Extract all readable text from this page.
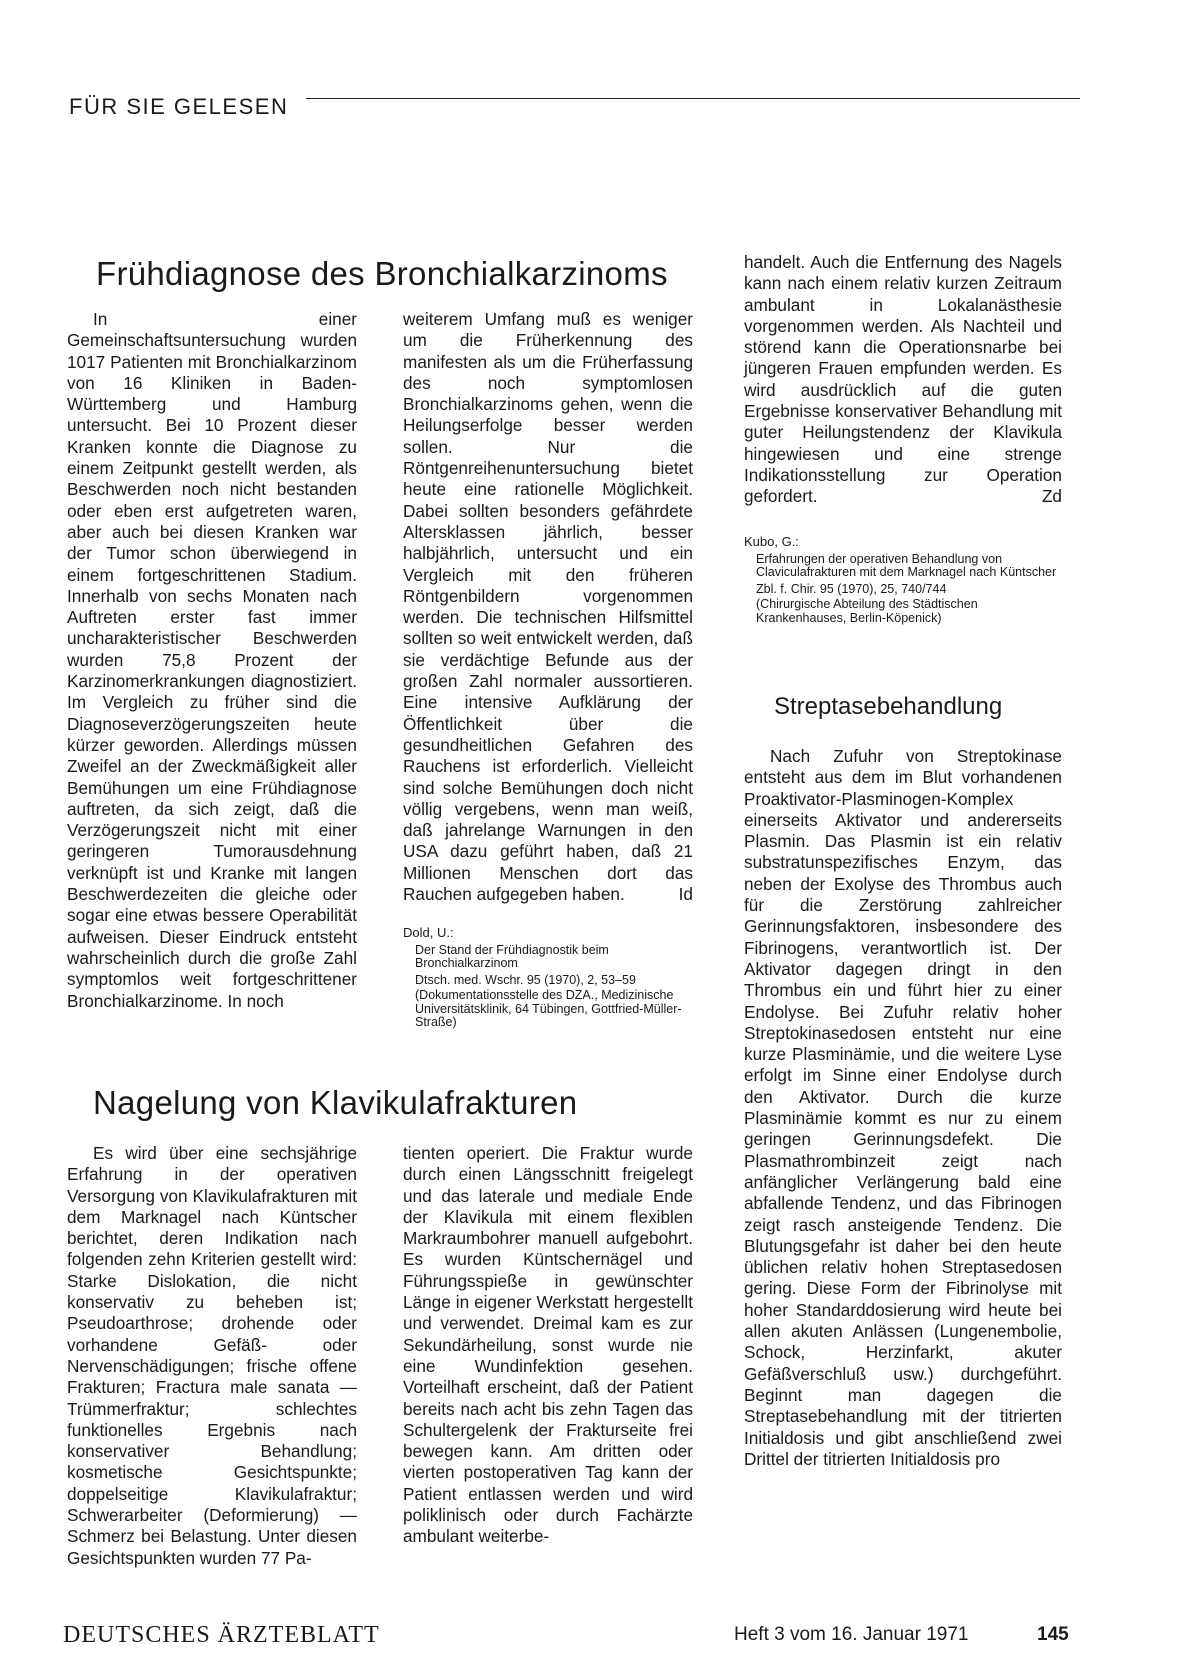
FÜR SIE GELESEN
Frühdiagnose des Bronchialkarzinoms

In einer Gemeinschaftsuntersuchung wurden 1017 Patienten mit Bronchialkarzinom von 16 Kliniken in Baden-Württemberg und Hamburg untersucht. Bei 10 Prozent dieser Kranken konnte die Diagnose zu einem Zeitpunkt gestellt werden, als Beschwerden noch nicht bestanden oder eben erst aufgetreten waren, aber auch bei diesen Kranken war der Tumor schon überwiegend in einem fortgeschrittenen Stadium. Innerhalb von sechs Monaten nach Auftreten erster fast immer uncharakteristischer Beschwerden wurden 75,8 Prozent der Karzinomerkrankungen diagnostiziert. Im Vergleich zu früher sind die Diagnoseverzögerungszeiten heute kürzer geworden. Allerdings müssen Zweifel an der Zweckmäßigkeit aller Bemühungen um eine Frühdiagnose auftreten, da sich zeigt, daß die Verzögerungszeit nicht mit einer geringeren Tumorausdehnung verknüpft ist und Kranke mit langen Beschwerdezeiten die gleiche oder sogar eine etwas bessere Operabilität aufweisen. Dieser Eindruck entsteht wahrscheinlich durch die große Zahl symptomlos weit fortgeschrittener Bronchialkarzinome. In noch

weiterem Umfang muß es weniger um die Früherkennung des manifesten als um die Früherfassung des noch symptomlosen Bronchialkarzinoms gehen, wenn die Heilungserfolge besser werden sollen. Nur die Röntgenreihenuntersuchung bietet heute eine rationelle Möglichkeit. Dabei sollten besonders gefährdete Altersklassen jährlich, besser halbjährlich, untersucht und ein Vergleich mit den früheren Röntgenbildern vorgenommen werden. Die technischen Hilfsmittel sollten so weit entwickelt werden, daß sie verdächtige Befunde aus der großen Zahl normaler aussortieren. Eine intensive Aufklärung der Öffentlichkeit über die gesundheitlichen Gefahren des Rauchens ist erforderlich. Vielleicht sind solche Bemühungen doch nicht völlig vergebens, wenn man weiß, daß jahrelange Warnungen in den USA dazu geführt haben, daß 21 Millionen Menschen dort das Rauchen aufgegeben haben.	Id

Dold, U.:
Der Stand der Frühdiagnostik beim Bronchialkarzinom
Dtsch. med. Wschr. 95 (1970), 2, 53–59
(Dokumentationsstelle des DZA., Medizinische Universitätsklinik, 64 Tübingen, Gottfried-Müller-Straße)
Nagelung von Klavikulafrakturen

Es wird über eine sechsjährige Erfahrung in der operativen Versorgung von Klavikulafrakturen mit dem Marknagel nach Küntscher berichtet, deren Indikation nach folgenden zehn Kriterien gestellt wird: Starke Dislokation, die nicht konservativ zu beheben ist; Pseudoarthrose; drohende oder vorhandene Gefäß- oder Nervenschädigungen; frische offene Frakturen; Fractura male sanata — Trümmerfraktur; schlechtes funktionelles Ergebnis nach konservativer Behandlung; kosmetische Gesichtspunkte; doppelseitige Klavikulafraktur; Schwerarbeiter (Deformierung) — Schmerz bei Belastung. Unter diesen Gesichtspunkten wurden 77 Pa-

tienten operiert. Die Fraktur wurde durch einen Längsschnitt freigelegt und das laterale und mediale Ende der Klavikula mit einem flexiblen Markraumbohrer manuell aufgebohrt. Es wurden Küntschernägel und Führungsspieße in gewünschter Länge in eigener Werkstatt hergestellt und verwendet. Dreimal kam es zur Sekundärheilung, sonst wurde nie eine Wundinfektion gesehen. Vorteilhaft erscheint, daß der Patient bereits nach acht bis zehn Tagen das Schultergelenk der Frakturseite frei bewegen kann. Am dritten oder vierten postoperativen Tag kann der Patient entlassen werden und wird poliklinisch oder durch Fachärzte ambulant weiterbe-

handelt. Auch die Entfernung des Nagels kann nach einem relativ kurzen Zeitraum ambulant in Lokalanästhesie vorgenommen werden. Als Nachteil und störend kann die Operationsnarbe bei jüngeren Frauen empfunden werden. Es wird ausdrücklich auf die guten Ergebnisse konservativer Behandlung mit guter Heilungstendenz der Klavikula hingewiesen und eine strenge Indikationsstellung zur Operation gefordert.	Zd

Kubo, G.:
Erfahrungen der operativen Behandlung von Claviculafrakturen mit dem Marknagel nach Küntscher
Zbl. f. Chir. 95 (1970), 25, 740/744
(Chirurgische Abteilung des Städtischen Krankenhauses, Berlin-Köpenick)
Streptasebehandlung

Nach Zufuhr von Streptokinase entsteht aus dem im Blut vorhandenen Proaktivator-Plasminogen-Komplex einerseits Aktivator und andererseits Plasmin. Das Plasmin ist ein relativ substratunspezifisches Enzym, das neben der Exolyse des Thrombus auch für die Zerstörung zahlreicher Gerinnungsfaktoren, insbesondere des Fibrinogens, verantwortlich ist. Der Aktivator dagegen dringt in den Thrombus ein und führt hier zu einer Endolyse. Bei Zufuhr relativ hoher Streptokinasedosen entsteht nur eine kurze Plasminämie, und die weitere Lyse erfolgt im Sinne einer Endolyse durch den Aktivator. Durch die kurze Plasminämie kommt es nur zu einem geringen Gerinnungsdefekt. Die Plasmathrombinzeit zeigt nach anfänglicher Verlängerung bald eine abfallende Tendenz, und das Fibrinogen zeigt rasch ansteigende Tendenz. Die Blutungsgefahr ist daher bei den heute üblichen relativ hohen Streptasedosen gering. Diese Form der Fibrinolyse mit hoher Standarddosierung wird heute bei allen akuten Anlässen (Lungenembolie, Schock, Herzinfarkt, akuter Gefäßverschluß usw.) durchgeführt. Beginnt man dagegen die Streptasebehandlung mit der titrierten Initialdosis und gibt anschließend zwei Drittel der titrierten Initialdosis pro

DEUTSCHES ÄRZTEBLATT	Heft 3 vom 16. Januar 1971	145
